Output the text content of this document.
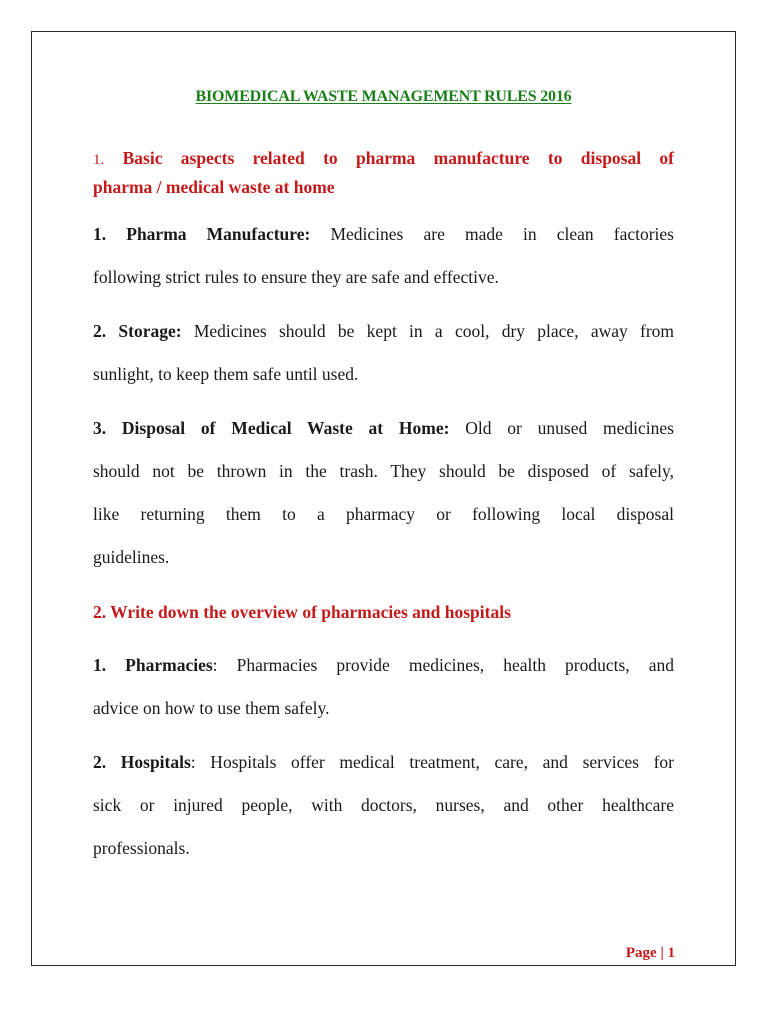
BIOMEDICAL WASTE MANAGEMENT RULES 2016
1. Basic aspects related to pharma manufacture to disposal of
pharma / medical waste at home
1. Pharma Manufacture: Medicines are made in clean factories
following strict rules to ensure they are safe and effective.
2. Storage: Medicines should be kept in a cool, dry place, away from
sunlight, to keep them safe until used.
3. Disposal of Medical Waste at Home: Old or unused medicines
should not be thrown in the trash. They should be disposed of safely,
like returning them to a pharmacy or following local disposal
guidelines.
2. Write down the overview of pharmacies and hospitals
1. Pharmacies: Pharmacies provide medicines, health products, and
advice on how to use them safely.
2. Hospitals: Hospitals offer medical treatment, care, and services for
sick or injured people, with doctors, nurses, and other healthcare
professionals.
Page | 1
